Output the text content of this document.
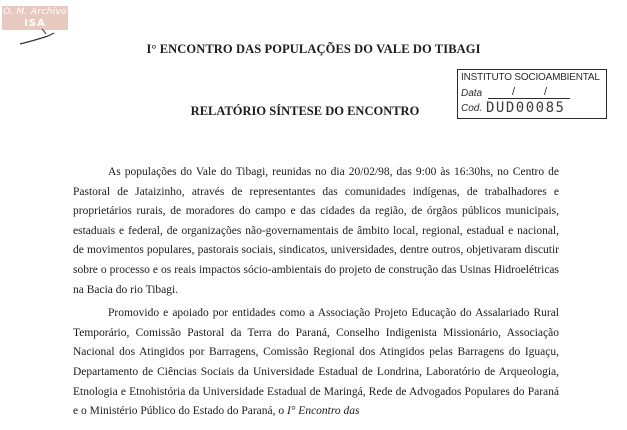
O. M. Archivo
ISA
I° ENCONTRO DAS POPULAÇÕES DO VALE DO TIBAGI
INSTITUTO SOCIOAMBIENTAL
Data	/	/
Cod. DUD00085
RELATÓRIO SÍNTESE DO ENCONTRO

As populações do Vale do Tibagi, reunidas no dia 20/02/98, das 9:00 às 16:30hs, no Centro de Pastoral de Jataizinho, através de representantes das comunidades indígenas, de trabalhadores e proprietários rurais, de moradores do campo e das cidades da região, de órgãos públicos municipais, estaduais e federal, de organizações não-governamentais de âmbito local, regional, estadual e nacional, de movimentos populares, pastorais sociais, sindicatos, universidades, dentre outros, objetivaram discutir sobre o processo e os reais impactos sócio-ambientais do projeto de construção das Usinas Hidroelétricas na Bacia do rio Tibagi.

Promovido e apoiado por entidades como a Associação Projeto Educação do Assalariado Rural Temporário, Comissão Pastoral da Terra do Paraná, Conselho Indigenista Missionário, Associação Nacional dos Atingidos por Barragens, Comissão Regional dos Atingidos pelas Barragens do Iguaçu, Departamento de Ciências Sociais da Universidade Estadual de Londrina, Laboratório de Arqueologia, Etnologia e Etnohistória da Universidade Estadual de Maringá, Rede de Advogados Populares do Paraná e o Ministério Público do Estado do Paraná, o I° Encontro das
